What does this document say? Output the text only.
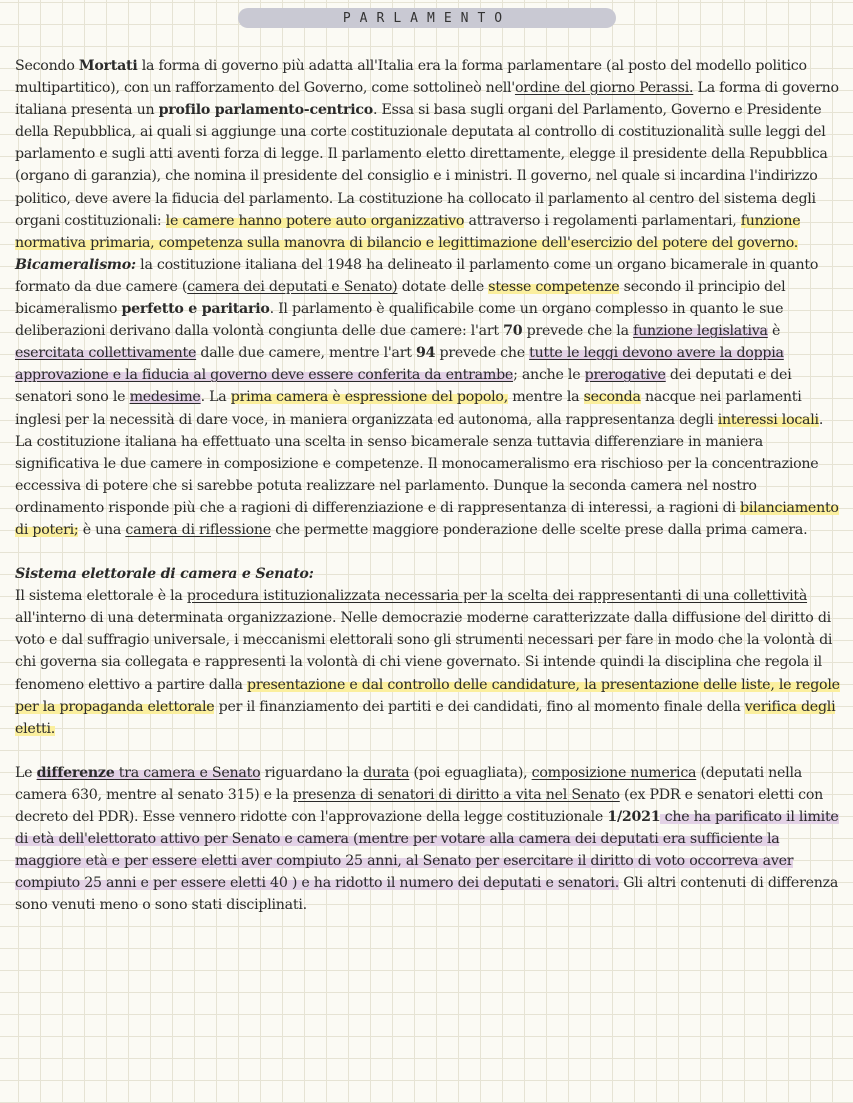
PARLAMENTO

Secondo Mortati la forma di governo più adatta all'Italia era la forma parlamentare (al posto del modello politico multipartitico), con un rafforzamento del Governo, come sottolineò nell'ordine del giorno Perassi. La forma di governo italiana presenta un profilo parlamento-centrico. Essa si basa sugli organi del Parlamento, Governo e Presidente della Repubblica, ai quali si aggiunge una corte costituzionale deputata al controllo di costituzionalità sulle leggi del parlamento e sugli atti aventi forza di legge. Il parlamento eletto direttamente, elegge il presidente della Repubblica (organo di garanzia), che nomina il presidente del consiglio e i ministri. Il governo, nel quale si incardina l'indirizzo politico, deve avere la fiducia del parlamento. La costituzione ha collocato il parlamento al centro del sistema degli organi costituzionali: le camere hanno potere auto organizzativo attraverso i regolamenti parlamentari, funzione normativa primaria, competenza sulla manovra di bilancio e legittimazione dell'esercizio del potere del governo.

Bicameralismo: la costituzione italiana del 1948 ha delineato il parlamento come un organo bicamerale in quanto formato da due camere (camera dei deputati e Senato) dotate delle stesse competenze secondo il principio del bicameralismo perfetto e paritario. Il parlamento è qualificabile come un organo complesso in quanto le sue deliberazioni derivano dalla volontà congiunta delle due camere: l'art 70 prevede che la funzione legislativa è esercitata collettivamente dalle due camere, mentre l'art 94 prevede che tutte le leggi devono avere la doppia approvazione e la fiducia al governo deve essere conferita da entrambe; anche le prerogative dei deputati e dei senatori sono le medesime. La prima camera è espressione del popolo, mentre la seconda nacque nei parlamenti inglesi per la necessità di dare voce, in maniera organizzata ed autonoma, alla rappresentanza degli interessi locali. La costituzione italiana ha effettuato una scelta in senso bicamerale senza tuttavia differenziare in maniera significativa le due camere in composizione e competenze. Il monocameralismo era rischioso per la concentrazione eccessiva di potere che si sarebbe potuta realizzare nel parlamento. Dunque la seconda camera nel nostro ordinamento risponde più che a ragioni di differenziazione e di rappresentanza di interessi, a ragioni di bilanciamento di poteri; è una camera di riflessione che permette maggiore ponderazione delle scelte prese dalla prima camera.

Sistema elettorale di camera e Senato:
Il sistema elettorale è la procedura istituzionalizzata necessaria per la scelta dei rappresentanti di una collettività all'interno di una determinata organizzazione. Nelle democrazie moderne caratterizzate dalla diffusione del diritto di voto e dal suffragio universale, i meccanismi elettorali sono gli strumenti necessari per fare in modo che la volontà di chi governa sia collegata e rappresenti la volontà di chi viene governato. Si intende quindi la disciplina che regola il fenomeno elettivo a partire dalla presentazione e dal controllo delle candidature, la presentazione delle liste, le regole per la propaganda elettorale per il finanziamento dei partiti e dei candidati, fino al momento finale della verifica degli eletti.

Le differenze tra camera e Senato riguardano la durata (poi eguagliata), composizione numerica (deputati nella camera 630, mentre al senato 315) e la presenza di senatori di diritto a vita nel Senato (ex PDR e senatori eletti con decreto del PDR). Esse vennero ridotte con l'approvazione della legge costituzionale 1/2021 che ha parificato il limite di età dell'elettorato attivo per Senato e camera (mentre per votare alla camera dei deputati era sufficiente la maggiore età e per essere eletti aver compiuto 25 anni, al Senato per esercitare il diritto di voto occorreva aver compiuto 25 anni e per essere eletti 40 ) e ha ridotto il numero dei deputati e senatori. Gli altri contenuti di differenza sono venuti meno o sono stati disciplinati.
